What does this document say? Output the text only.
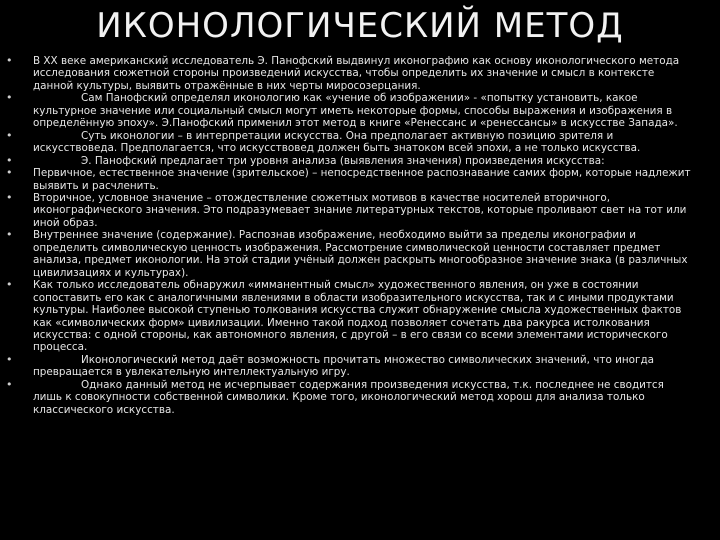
ИКОНОЛОГИЧЕСКИЙ МЕТОД
• В XX веке американский исследователь Э. Панофский выдвинул иконографию как основу иконологического метода исследования сюжетной стороны произведений искусства, чтобы определить их значение и смысл в контексте данной культуры, выявить отражённые в них черты миросозерцания.
•	Сам Панофский определял иконологию как «учение об изображении» - «попытку установить, какое культурное значение или социальный смысл могут иметь некоторые формы, способы выражения и изображения в определённую эпоху». Э.Панофский применил этот метод в книге «Ренессанс и «ренессансы» в искусстве Запада».
•	Суть иконологии – в интерпретации искусства. Она предполагает активную позицию зрителя и искусствоведа. Предполагается, что искусствовед должен быть знатоком всей эпохи, а не только искусства.
•	Э. Панофский предлагает три уровня анализа (выявления значения) произведения искусства:
• Первичное, естественное значение (зрительское) – непосредственное распознавание самих форм, которые надлежит выявить и расчленить.
• Вторичное, условное значение – отождествление сюжетных мотивов в качестве носителей вторичного, иконографического значения. Это подразумевает знание литературных текстов, которые проливают свет на тот или иной образ.
• Внутреннее значение (содержание). Распознав изображение, необходимо выйти за пределы иконографии и определить символическую ценность изображения. Рассмотрение символической ценности составляет предмет анализа, предмет иконологии. На этой стадии учёный должен раскрыть многообразное значение знака (в различных цивилизациях и культурах).
• Как только исследователь обнаружил «имманентный смысл» художественного явления, он уже в состоянии сопоставить его как с аналогичными явлениями в области изобразительного искусства, так и с иными продуктами культуры. Наиболее высокой ступенью толкования искусства служит обнаружение смысла художественных фактов как «символических форм» цивилизации. Именно такой подход позволяет сочетать два ракурса истолкования искусства: с одной стороны, как автономного явления, с другой – в его связи со всеми элементами исторического процесса.
•	Иконологический метод даёт возможность прочитать множество символических значений, что иногда превращается в увлекательную интеллектуальную игру.
•	Однако данный метод не исчерпывает содержания произведения искусства, т.к. последнее не сводится лишь к совокупности собственной символики. Кроме того, иконологический метод хорош для анализа только классического искусства.
